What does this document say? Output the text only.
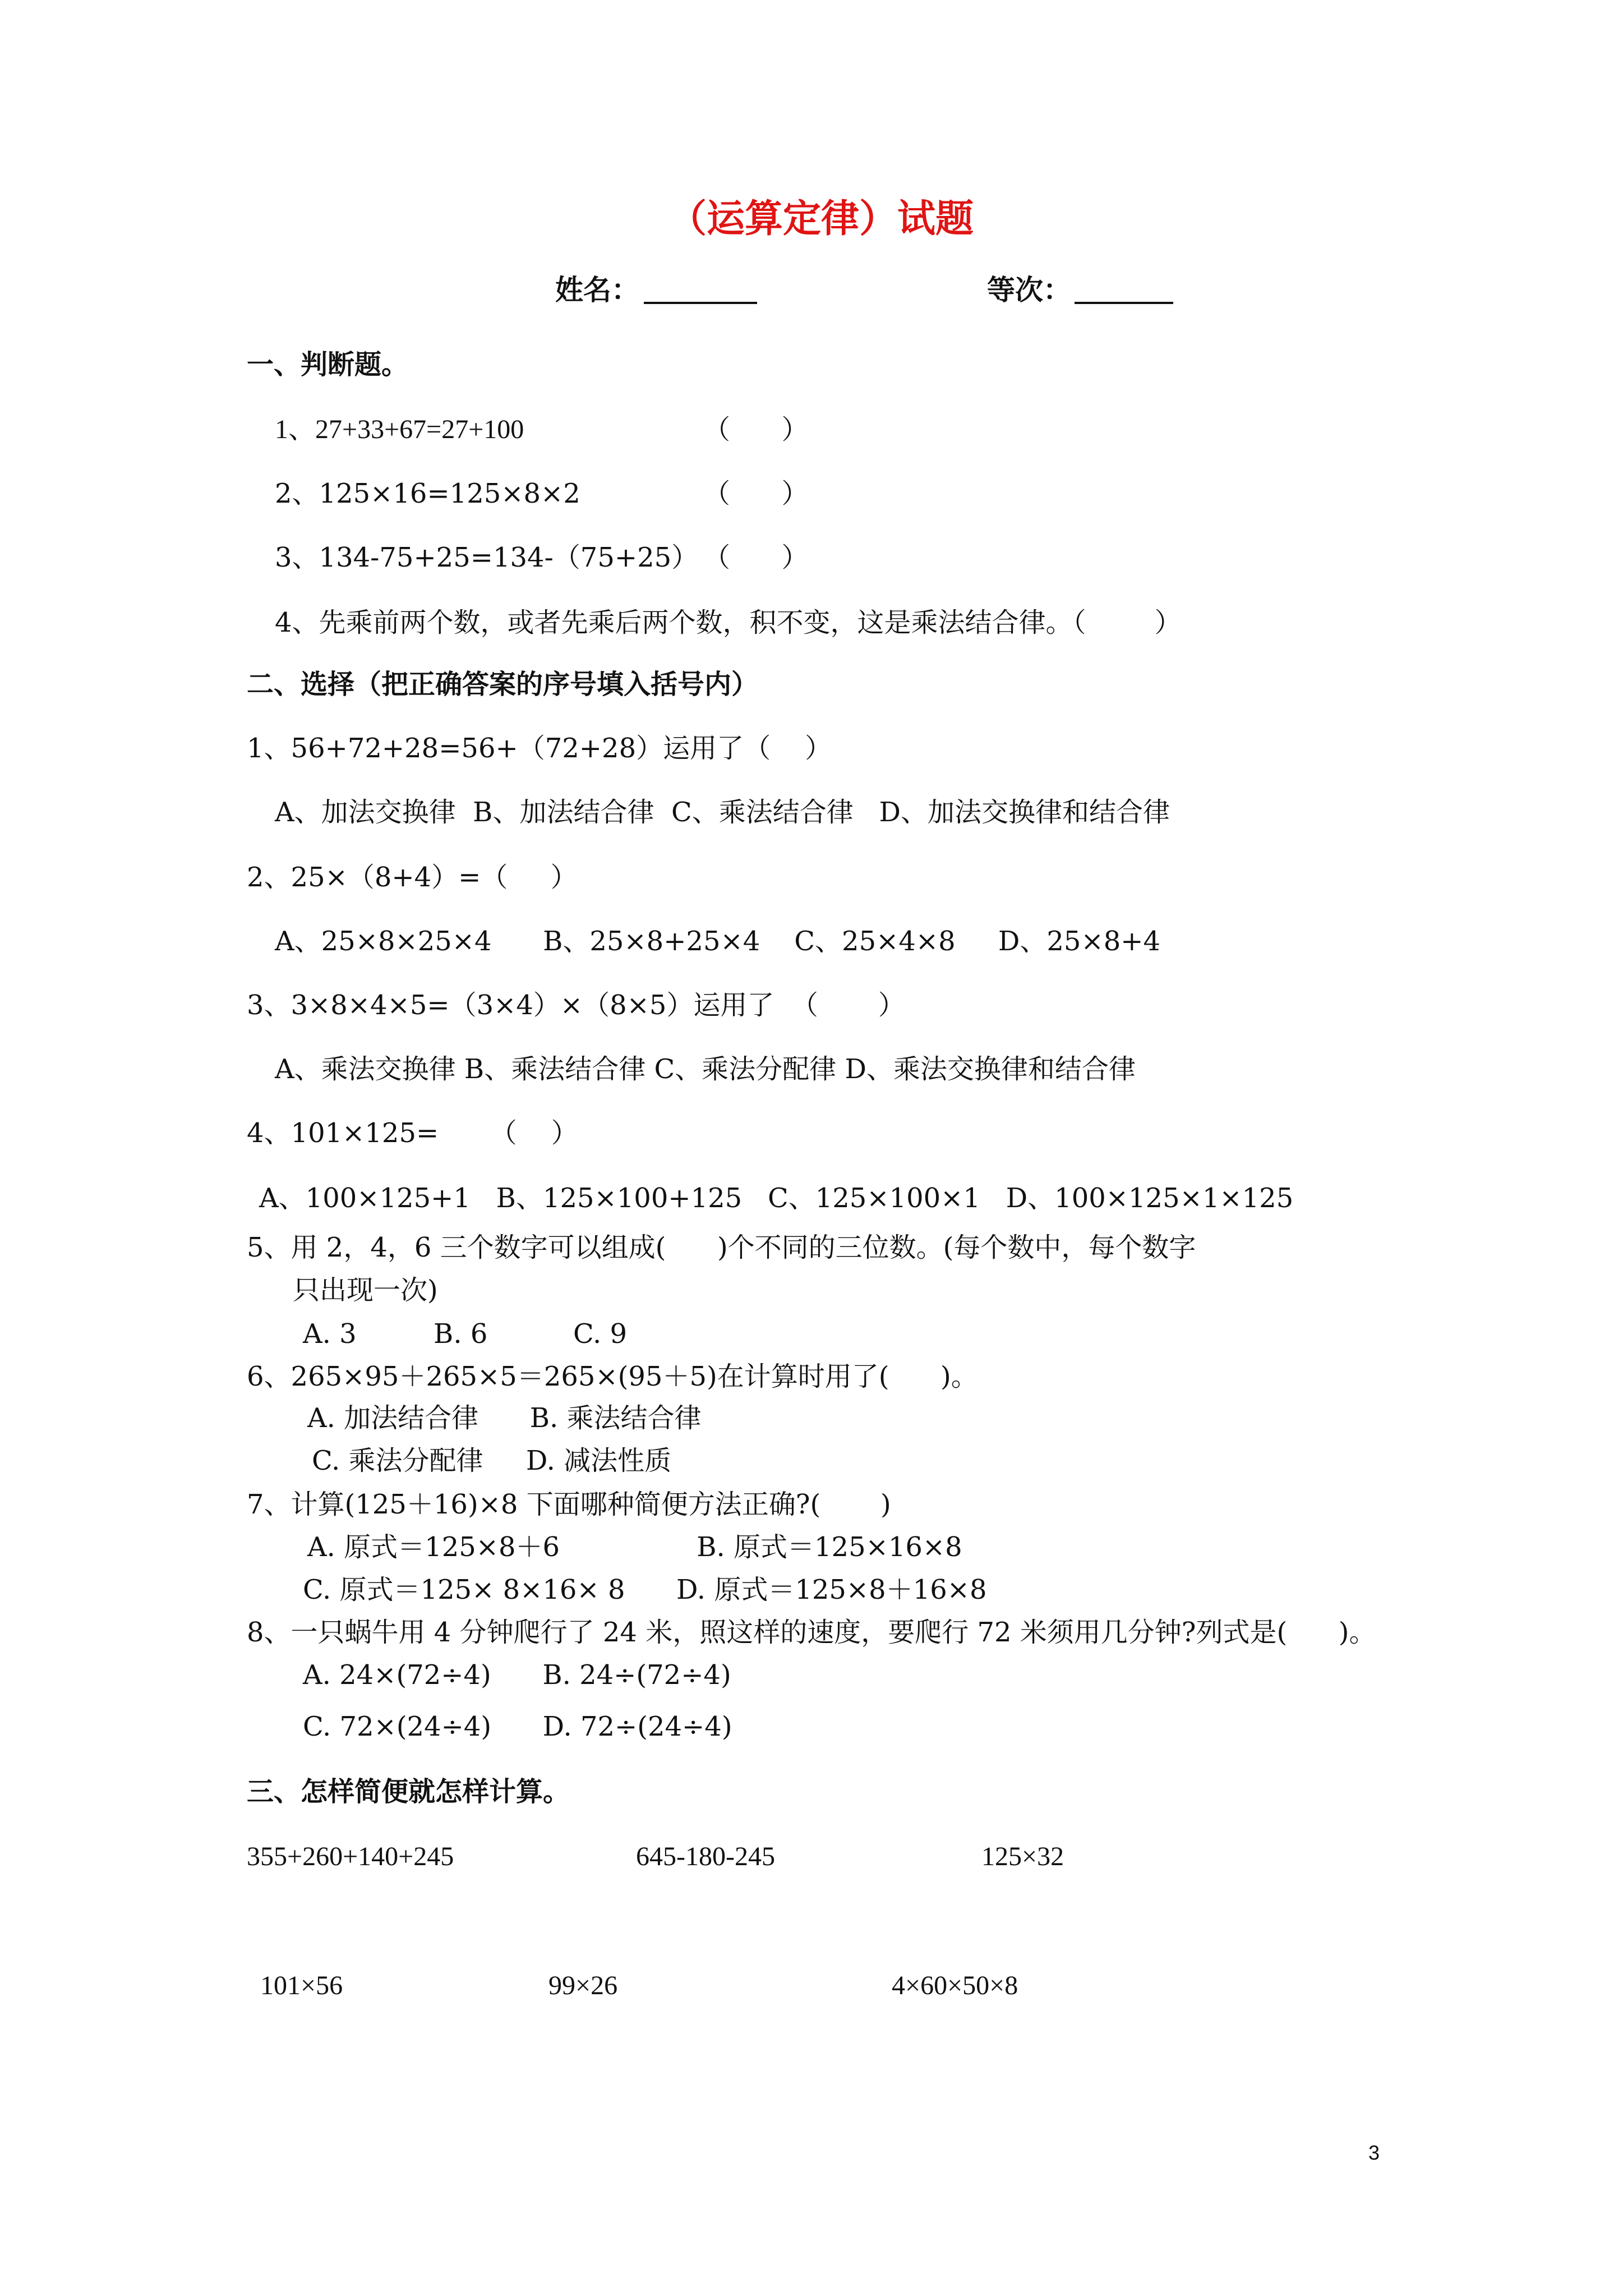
（运算定律）试题
姓名：	等次：
一、判断题。
1、27+33+67=27+100	（      ）
2、125×16=125×8×2	（      ）
3、134-75+25=134-（75+25） （      ）
4、先乘前两个数，或者先乘后两个数，积不变，这是乘法结合律。（        ）
二、选择（把正确答案的序号填入括号内）
1、56+72+28=56+（72+28）运用了（    ）
A、加法交换律  B、加法结合律  C、乘法结合律   D、加法交换律和结合律
2、25×（8+4）=（     ）
A、25×8×25×4      B、25×8+25×4    C、25×4×8     D、25×8+4
3、3×8×4×5=（3×4）×（8×5）运用了  （       ）
A、乘法交换律 B、乘法结合律 C、乘法分配律 D、乘法交换律和结合律
4、101×125=      （    ）
A、100×125+1   B、125×100+125   C、125×100×1   D、100×125×1×125
5、用 2，4，6 三个数字可以组成(      )个不同的三位数。(每个数中，每个数字
只出现一次)
A. 3         B. 6          C. 9
6、265×95＋265×5＝265×(95＋5)在计算时用了(      )。
A. 加法结合律      B. 乘法结合律
C. 乘法分配律     D. 减法性质
7、计算(125＋16)×8 下面哪种简便方法正确?(       )
A. 原式＝125×8＋6                B. 原式＝125×16×8
C. 原式＝125× 8×16× 8      D. 原式＝125×8＋16×8
8、一只蜗牛用 4 分钟爬行了 24 米，照这样的速度，要爬行 72 米须用几分钟?列式是(      )。
A. 24×(72÷4)      B. 24÷(72÷4)
C. 72×(24÷4)      D. 72÷(24÷4)
三、怎样简便就怎样计算。
355+260+140+245	645-180-245	125×32
101×56	99×26	4×60×50×8
3
